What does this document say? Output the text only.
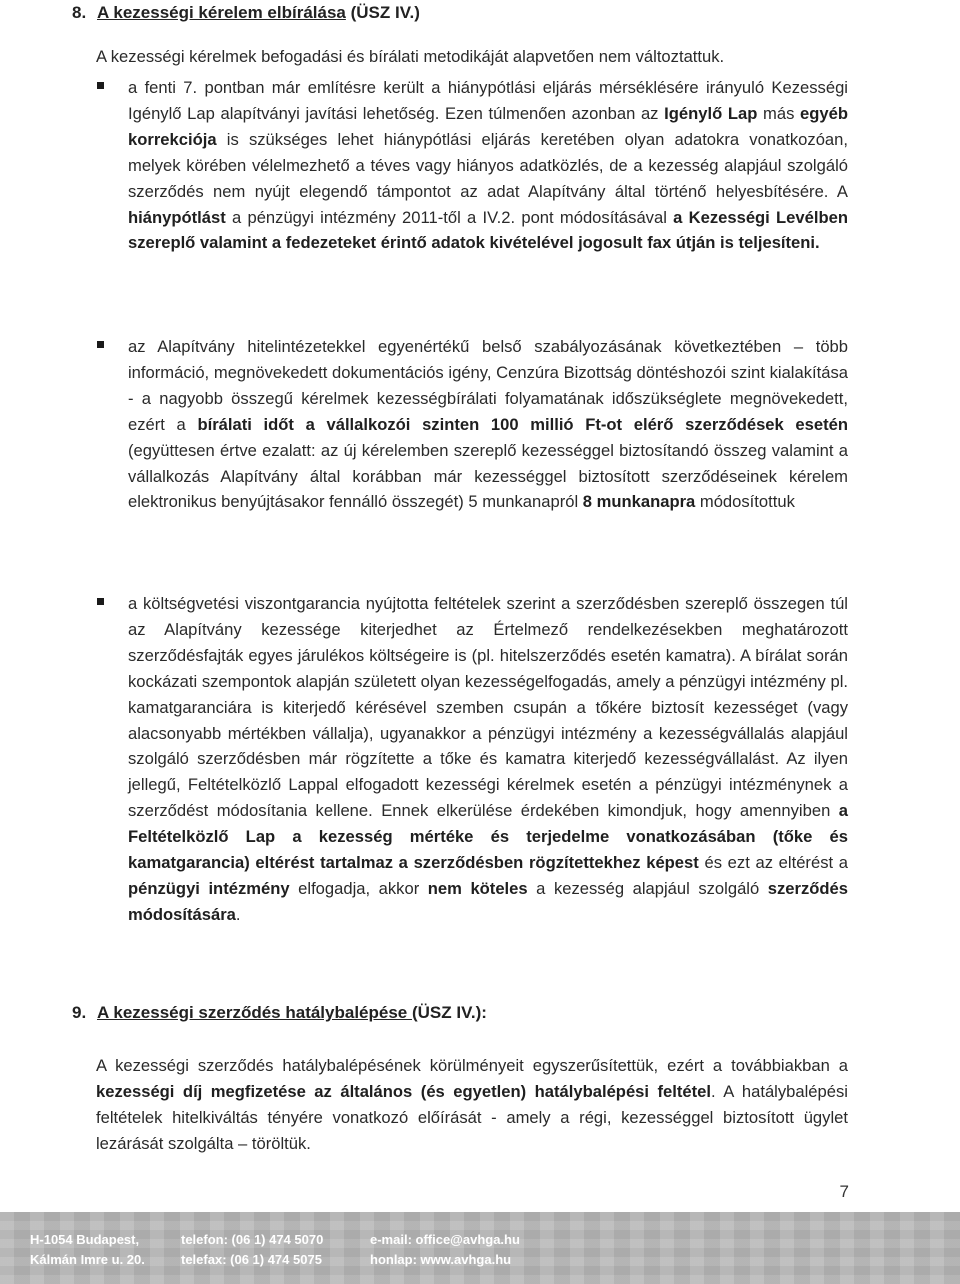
8. A kezességi kérelem elbírálása (ÜSZ IV.)

A kezességi kérelmek befogadási és bírálati metodikáját alapvetően nem változtattuk.

a fenti 7. pontban már említésre került a hiánypótlási eljárás mérséklésére irányuló Kezességi Igénylő Lap alapítványi javítási lehetőség. Ezen túlmenően azonban az Igénylő Lap más egyéb korrekciója is szükséges lehet hiánypótlási eljárás keretében olyan adatokra vonatkozóan, melyek körében vélelmezhető a téves vagy hiányos adatközlés, de a kezesség alapjául szolgáló szerződés nem nyújt elegendő támpontot az adat Alapítvány által történő helyesbítésére. A hiánypótlást a pénzügyi intézmény 2011-től a IV.2. pont módosításával a Kezességi Levélben szereplő valamint a fedezeteket érintő adatok kivételével jogosult fax útján is teljesíteni.

az Alapítvány hitelintézetekkel egyenértékű belső szabályozásának következtében – több információ, megnövekedett dokumentációs igény, Cenzúra Bizottság döntéshozói szint kialakítása - a nagyobb összegű kérelmek kezességbírálati folyamatának időszükséglete megnövekedett, ezért a bírálati időt a vállalkozói szinten 100 millió Ft-ot elérő szerződések esetén (együttesen értve ezalatt: az új kérelemben szereplő kezességgel biztosítandó összeg valamint a vállalkozás Alapítvány által korábban már kezességgel biztosított szerződéseinek kérelem elektronikus benyújtásakor fennálló összegét) 5 munkanapról 8 munkanapra módosítottuk

a költségvetési viszontgarancia nyújtotta feltételek szerint a szerződésben szereplő összegen túl az Alapítvány kezessége kiterjedhet az Értelmező rendelkezésekben meghatározott szerződésfajták egyes járulékos költségeire is (pl. hitelszerződés esetén kamatra). A bírálat során kockázati szempontok alapján született olyan kezességelfogadás, amely a pénzügyi intézmény pl. kamatgaranciára is kiterjedő kérésével szemben csupán a tőkére biztosít kezességet (vagy alacsonyabb mértékben vállalja), ugyanakkor a pénzügyi intézmény a kezességvállalás alapjául szolgáló szerződésben már rögzítette a tőke és kamatra kiterjedő kezességvállalást. Az ilyen jellegű, Feltételközlő Lappal elfogadott kezességi kérelmek esetén a pénzügyi intézménynek a szerződést módosítania kellene. Ennek elkerülése érdekében kimondjuk, hogy amennyiben a Feltételközlő Lap a kezesség mértéke és terjedelme vonatkozásában (tőke és kamatgarancia) eltérést tartalmaz a szerződésben rögzítettekhez képest és ezt az eltérést a pénzügyi intézmény elfogadja, akkor nem köteles a kezesség alapjául szolgáló szerződés módosítására.

9. A kezességi szerződés hatálybalépése (ÜSZ IV.):

A kezességi szerződés hatálybalépésének körülményeit egyszerűsítettük, ezért a továbbiakban a kezességi díj megfizetése az általános (és egyetlen) hatálybalépési feltétel. A hatálybalépési feltételek hitelkiváltás tényére vonatkozó előírását - amely a régi, kezességgel biztosított ügylet lezárását szolgálta – töröltük.

7
H-1054 Budapest,
Kálmán Imre u. 20.
telefon: (06 1) 474 5070
telefax: (06 1) 474 5075
e-mail: office@avhga.hu
honlap: www.avhga.hu
